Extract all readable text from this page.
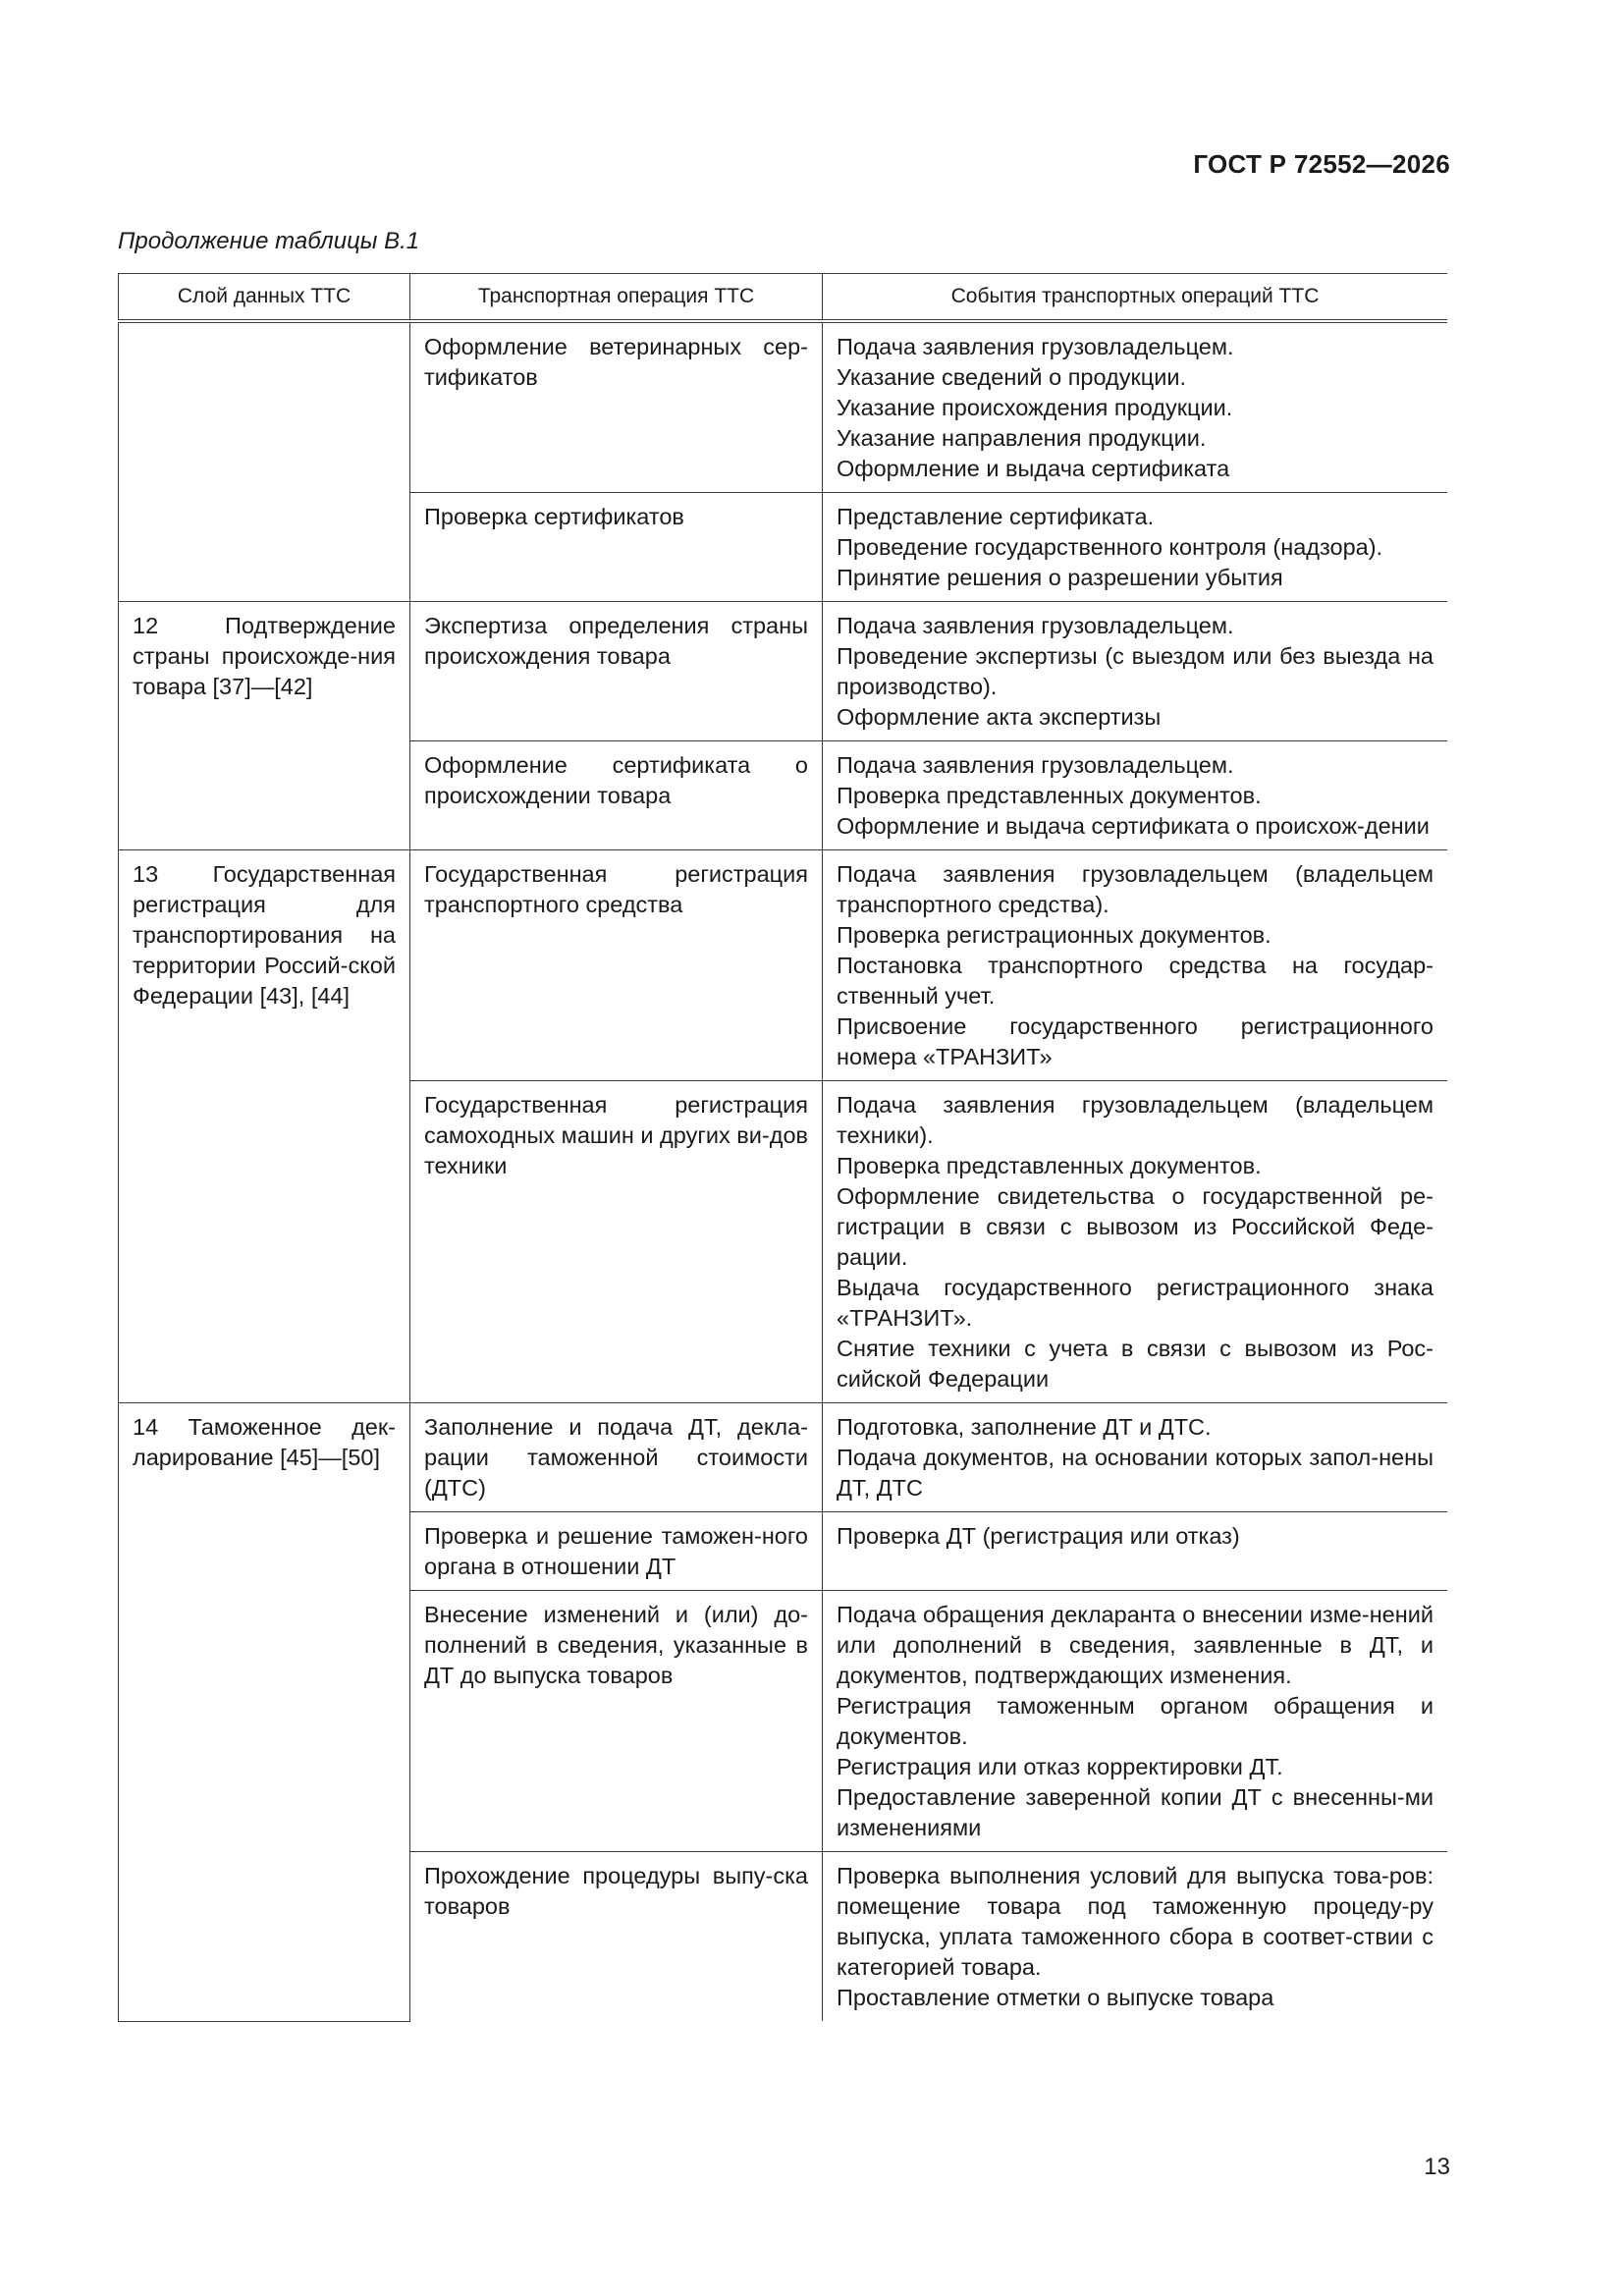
ГОСТ Р 72552—2026
Продолжение таблицы В.1
Слой данных ТТС	Транспортная операция ТТС	События транспортных операций ТТС
	Оформление ветеринарных сер-тификатов	Подача заявления грузовладельцем.
Указание сведений о продукции.
Указание происхождения продукции.
Указание направления продукции.
Оформление и выдача сертификата

	Проверка сертификатов	Представление сертификата.
Проведение государственного контроля (надзора).
Принятие решения о разрешении убытия

12 Подтверждение страны происхожде-ния товара [37]—[42]	Экспертиза определения страны происхождения товара	Подача заявления грузовладельцем.
Проведение экспертизы (с выездом или без выезда на производство).
Оформление акта экспертизы

	Оформление сертификата о происхождении товара	Подача заявления грузовладельцем.
Проверка представленных документов.
Оформление и выдача сертификата о происхож-дении

13 Государственная регистрация для транспортирования на территории Россий-ской Федерации [43], [44]	Государственная регистрация транспортного средства	Подача заявления грузовладельцем (владельцем транспортного средства).
Проверка регистрационных документов.
Постановка транспортного средства на государ-ственный учет.
Присвоение государственного регистрационного номера «ТРАНЗИТ»

	Государственная регистрация самоходных машин и других ви-дов техники	Подача заявления грузовладельцем (владельцем техники).
Проверка представленных документов.
Оформление свидетельства о государственной ре-гистрации в связи с вывозом из Российской Феде-рации.
Выдача государственного регистрационного знака «ТРАНЗИТ».
Снятие техники с учета в связи с вывозом из Рос-сийской Федерации

14 Таможенное дек-ларирование [45]—[50]	Заполнение и подача ДТ, декла-рации таможенной стоимости (ДТС)	Подготовка, заполнение ДТ и ДТС.
Подача документов, на основании которых запол-нены ДТ, ДТС

	Проверка и решение таможен-ного органа в отношении ДТ	Проверка ДТ (регистрация или отказ)

	Внесение изменений и (или) до-полнений в сведения, указанные в ДТ до выпуска товаров	Подача обращения декларанта о внесении изме-нений или дополнений в сведения, заявленные в ДТ, и документов, подтверждающих изменения.
Регистрация таможенным органом обращения и документов.
Регистрация или отказ корректировки ДТ.
Предоставление заверенной копии ДТ с внесенны-ми изменениями

	Прохождение процедуры выпу-ска товаров	Проверка выполнения условий для выпуска това-ров: помещение товара под таможенную процеду-ру выпуска, уплата таможенного сбора в соответ-ствии с категорией товара.
Проставление отметки о выпуске товара
13
